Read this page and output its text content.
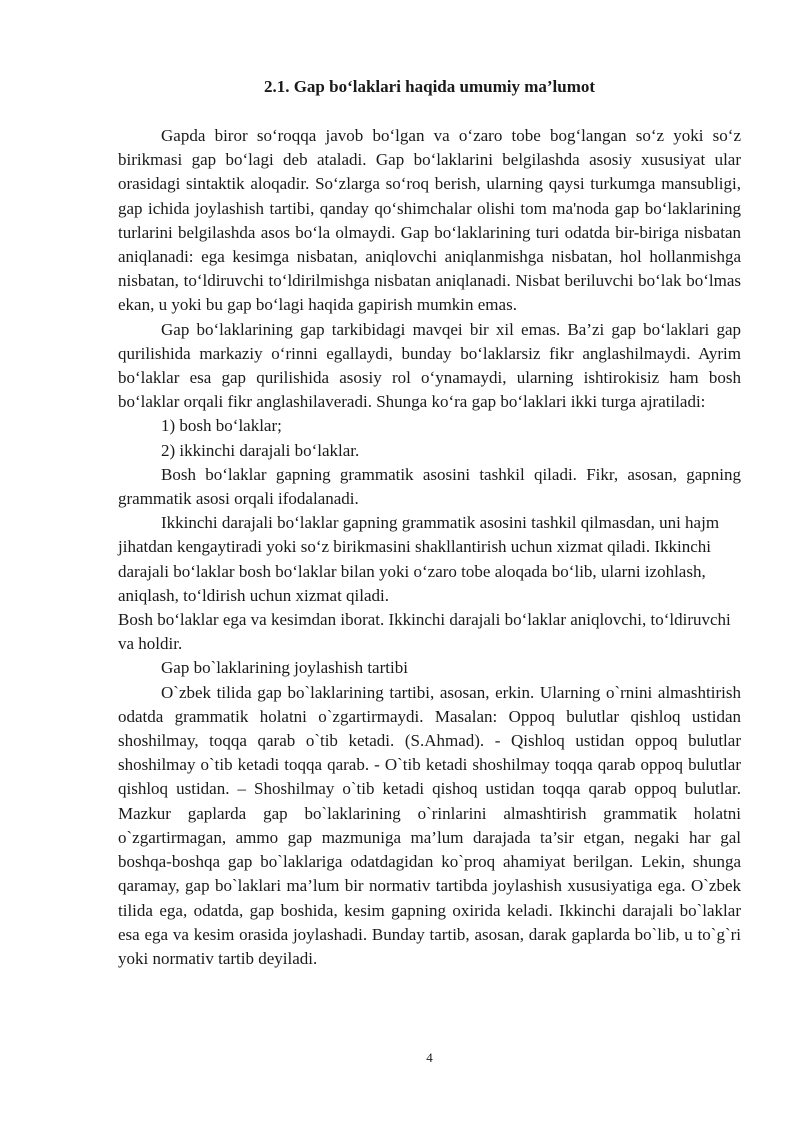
2.1. Gap bo‘laklari haqida umumiy ma’lumot

Gapda biror so‘roqqa javob bo‘lgan va o‘zaro tobe bog‘langan so‘z yoki so‘z birikmasi gap bo‘lagi deb ataladi. Gap bo‘laklarini belgilashda asosiy xususiyat ular orasidagi sintaktik aloqadir. So‘zlarga so‘roq berish, ularning qaysi turkumga mansubligi, gap ichida joylashish tartibi, qanday qo‘shimchalar olishi tom ma'noda gap bo‘laklarining turlarini belgilashda asos bo‘la olmaydi. Gap bo‘laklarining turi odatda bir-biriga nisbatan aniqlanadi: ega kesimga nisbatan, aniqlovchi aniqlanmishga nisbatan, hol hollanmishga nisbatan, to‘ldiruvchi to‘ldirilmishga nisbatan aniqlanadi. Nisbat beriluvchi bo‘lak bo‘lmas ekan, u yoki bu gap bo‘lagi haqida gapirish mumkin emas.

Gap bo‘laklarining gap tarkibidagi mavqei bir xil emas. Ba’zi gap bo‘laklari gap qurilishida markaziy o‘rinni egallaydi, bunday bo‘laklarsiz fikr anglashilmaydi. Ayrim bo‘laklar esa gap qurilishida asosiy rol o‘ynamaydi, ularning ishtirokisiz ham bosh bo‘laklar orqali fikr anglashilaveradi. Shunga ko‘ra gap bo‘laklari ikki turga ajratiladi:

1) bosh bo‘laklar;

2) ikkinchi darajali bo‘laklar.

Bosh bo‘laklar gapning grammatik asosini tashkil qiladi. Fikr, asosan, gapning grammatik asosi orqali ifodalanadi.

Ikkinchi darajali bo‘laklar gapning grammatik asosini tashkil qilmasdan, uni hajm jihatdan kengaytiradi yoki so‘z birikmasini shakllantirish uchun xizmat qiladi. Ikkinchi darajali bo‘laklar bosh bo‘laklar bilan yoki o‘zaro tobe aloqada bo‘lib, ularni izohlash, aniqlash, to‘ldirish uchun xizmat qiladi.

Bosh bo‘laklar ega va kesimdan iborat. Ikkinchi darajali bo‘laklar aniqlovchi, to‘ldiruvchi va holdir.

Gap bo`laklarining joylashish tartibi

O`zbek tilida gap bo`laklarining tartibi, asosan, erkin. Ularning o`rnini almashtirish odatda grammatik holatni o`zgartirmaydi. Masalan: Oppoq bulutlar qishloq ustidan shoshilmay, toqqa qarab o`tib ketadi. (S.Ahmad). - Qishloq ustidan oppoq bulutlar shoshilmay o`tib ketadi toqqa qarab. - O`tib ketadi shoshilmay toqqa qarab oppoq bulutlar qishloq ustidan. – Shoshilmay o`tib ketadi qishoq ustidan toqqa qarab oppoq bulutlar. Mazkur gaplarda gap bo`laklarining o`rinlarini almashtirish grammatik holatni o`zgartirmagan, ammo gap mazmuniga ma’lum darajada ta’sir etgan, negaki har gal boshqa-boshqa gap bo`laklariga odatdagidan ko`proq ahamiyat berilgan. Lekin, shunga qaramay, gap bo`laklari ma’lum bir normativ tartibda joylashish xususiyatiga ega. O`zbek tilida ega, odatda, gap boshida, kesim gapning oxirida keladi. Ikkinchi darajali bo`laklar esa ega va kesim orasida joylashadi. Bunday tartib, asosan, darak gaplarda bo`lib, u to`g`ri yoki normativ tartib deyiladi.

4
